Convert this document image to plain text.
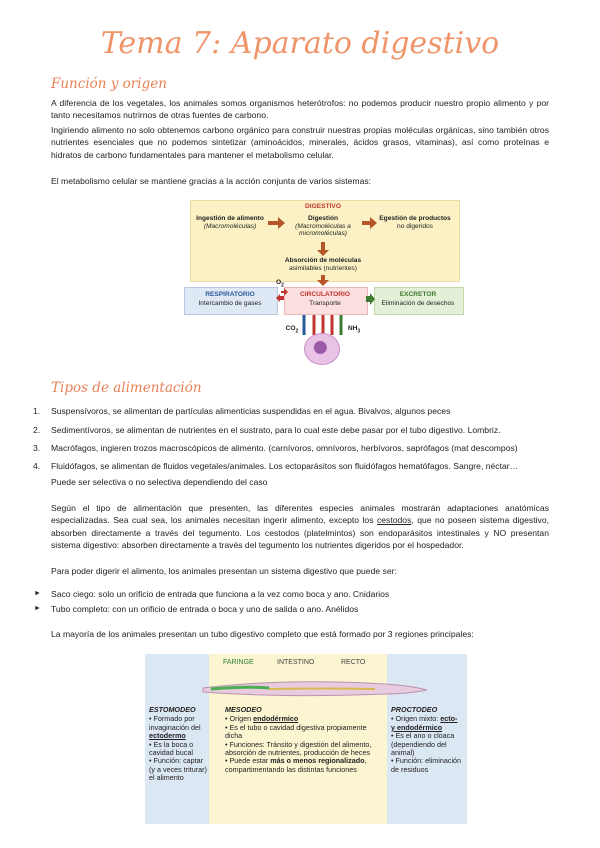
Tema 7: Aparato digestivo
Función y origen
A diferencia de los vegetales, los animales somos organismos heterótrofos: no podemos producir nuestro propio alimento y por tanto necesitamos nutrirnos de otras fuentes de carbono.
Ingiriendo alimento no solo obtenemos carbono orgánico para construir nuestras propias moléculas orgánicas, sino también otros nutrientes esenciales que no podemos sintetizar (aminoácidos, minerales, ácidos grasos, vitaminas), así como proteínas e hidratos de carbono fundamentales para mantener el metabolismo celular.
El metabolismo celular se mantiene gracias a la acción conjunta de varios sistemas:
DIGESTIVO
Ingestión de alimento
(Macromoléculas)
Digestión
(Macromoléculas a micromoléculas)
Egestión de productos
no digeridos
Absorción de moléculas
asimilables (nutrientes)
RESPIRATORIO
Intercambio de gases
CIRCULATORIO
Transporte
EXCRETOR
Eliminación de desechos
$O_2$
$CO_2$	$NH_3$
Tipos de alimentación
1. Suspensívoros, se alimentan de partículas alimenticias suspendidas en el agua. Bivalvos, algunos peces
2. Sedimentívoros, se alimentan de nutrientes en el sustrato, para lo cual este debe pasar por el tubo digestivo. Lombriz.
3. Macrófagos, ingieren trozos macroscópicos de alimento. (carnívoros, omnívoros, herbívoros, saprófagos (mat descompos)
4. Fluidófagos, se alimentan de fluidos vegetales/animales. Los ectoparásitos son fluidófagos hematófagos. Sangre, néctar…
Puede ser selectiva o no selectiva dependiendo del caso
Según el tipo de alimentación que presenten, las diferentes especies animales mostrarán adaptaciones anatómicas especializadas. Sea cual sea, los animales necesitan ingerir alimento, excepto los cestodos, que no poseen sistema digestivo, absorben directamente a través del tegumento. Los cestodos (platelmintos) son endoparásitos intestinales y NO presentan sistema digestivo: absorben directamente a través del tegumento los nutrientes digeridos por el hospedador.
Para poder digerir el alimento, los animales presentan un sistema digestivo que puede ser:
► Saco ciego: solo un orificio de entrada que funciona a la vez como boca y ano. Cnidarios
► Tubo completo: con un orificio de entrada o boca y uno de salida o ano. Anélidos
La mayoría de los animales presentan un tubo digestivo completo que está formado por 3 regiones principales:
FARINGE	INTESTINO	RECTO
ESTOMODEO
• Formado por invaginación del ectodermo
• Es la boca o cavidad bucal
• Función: captar (y a veces triturar) el alimento
MESODEO
• Origen endodérmico
• Es el tubo o cavidad digestiva propiamente dicha
• Funciones: Tránsito y digestión del alimento, absorción de nutrientes, producción de heces
• Puede estar más o menos regionalizado, compartimentando las distintas funciones
PROCTODEO
• Origen mixto: ecto- y endodérmico
• Es el ano o cloaca (dependiendo del animal)
• Función: eliminación de residuos
